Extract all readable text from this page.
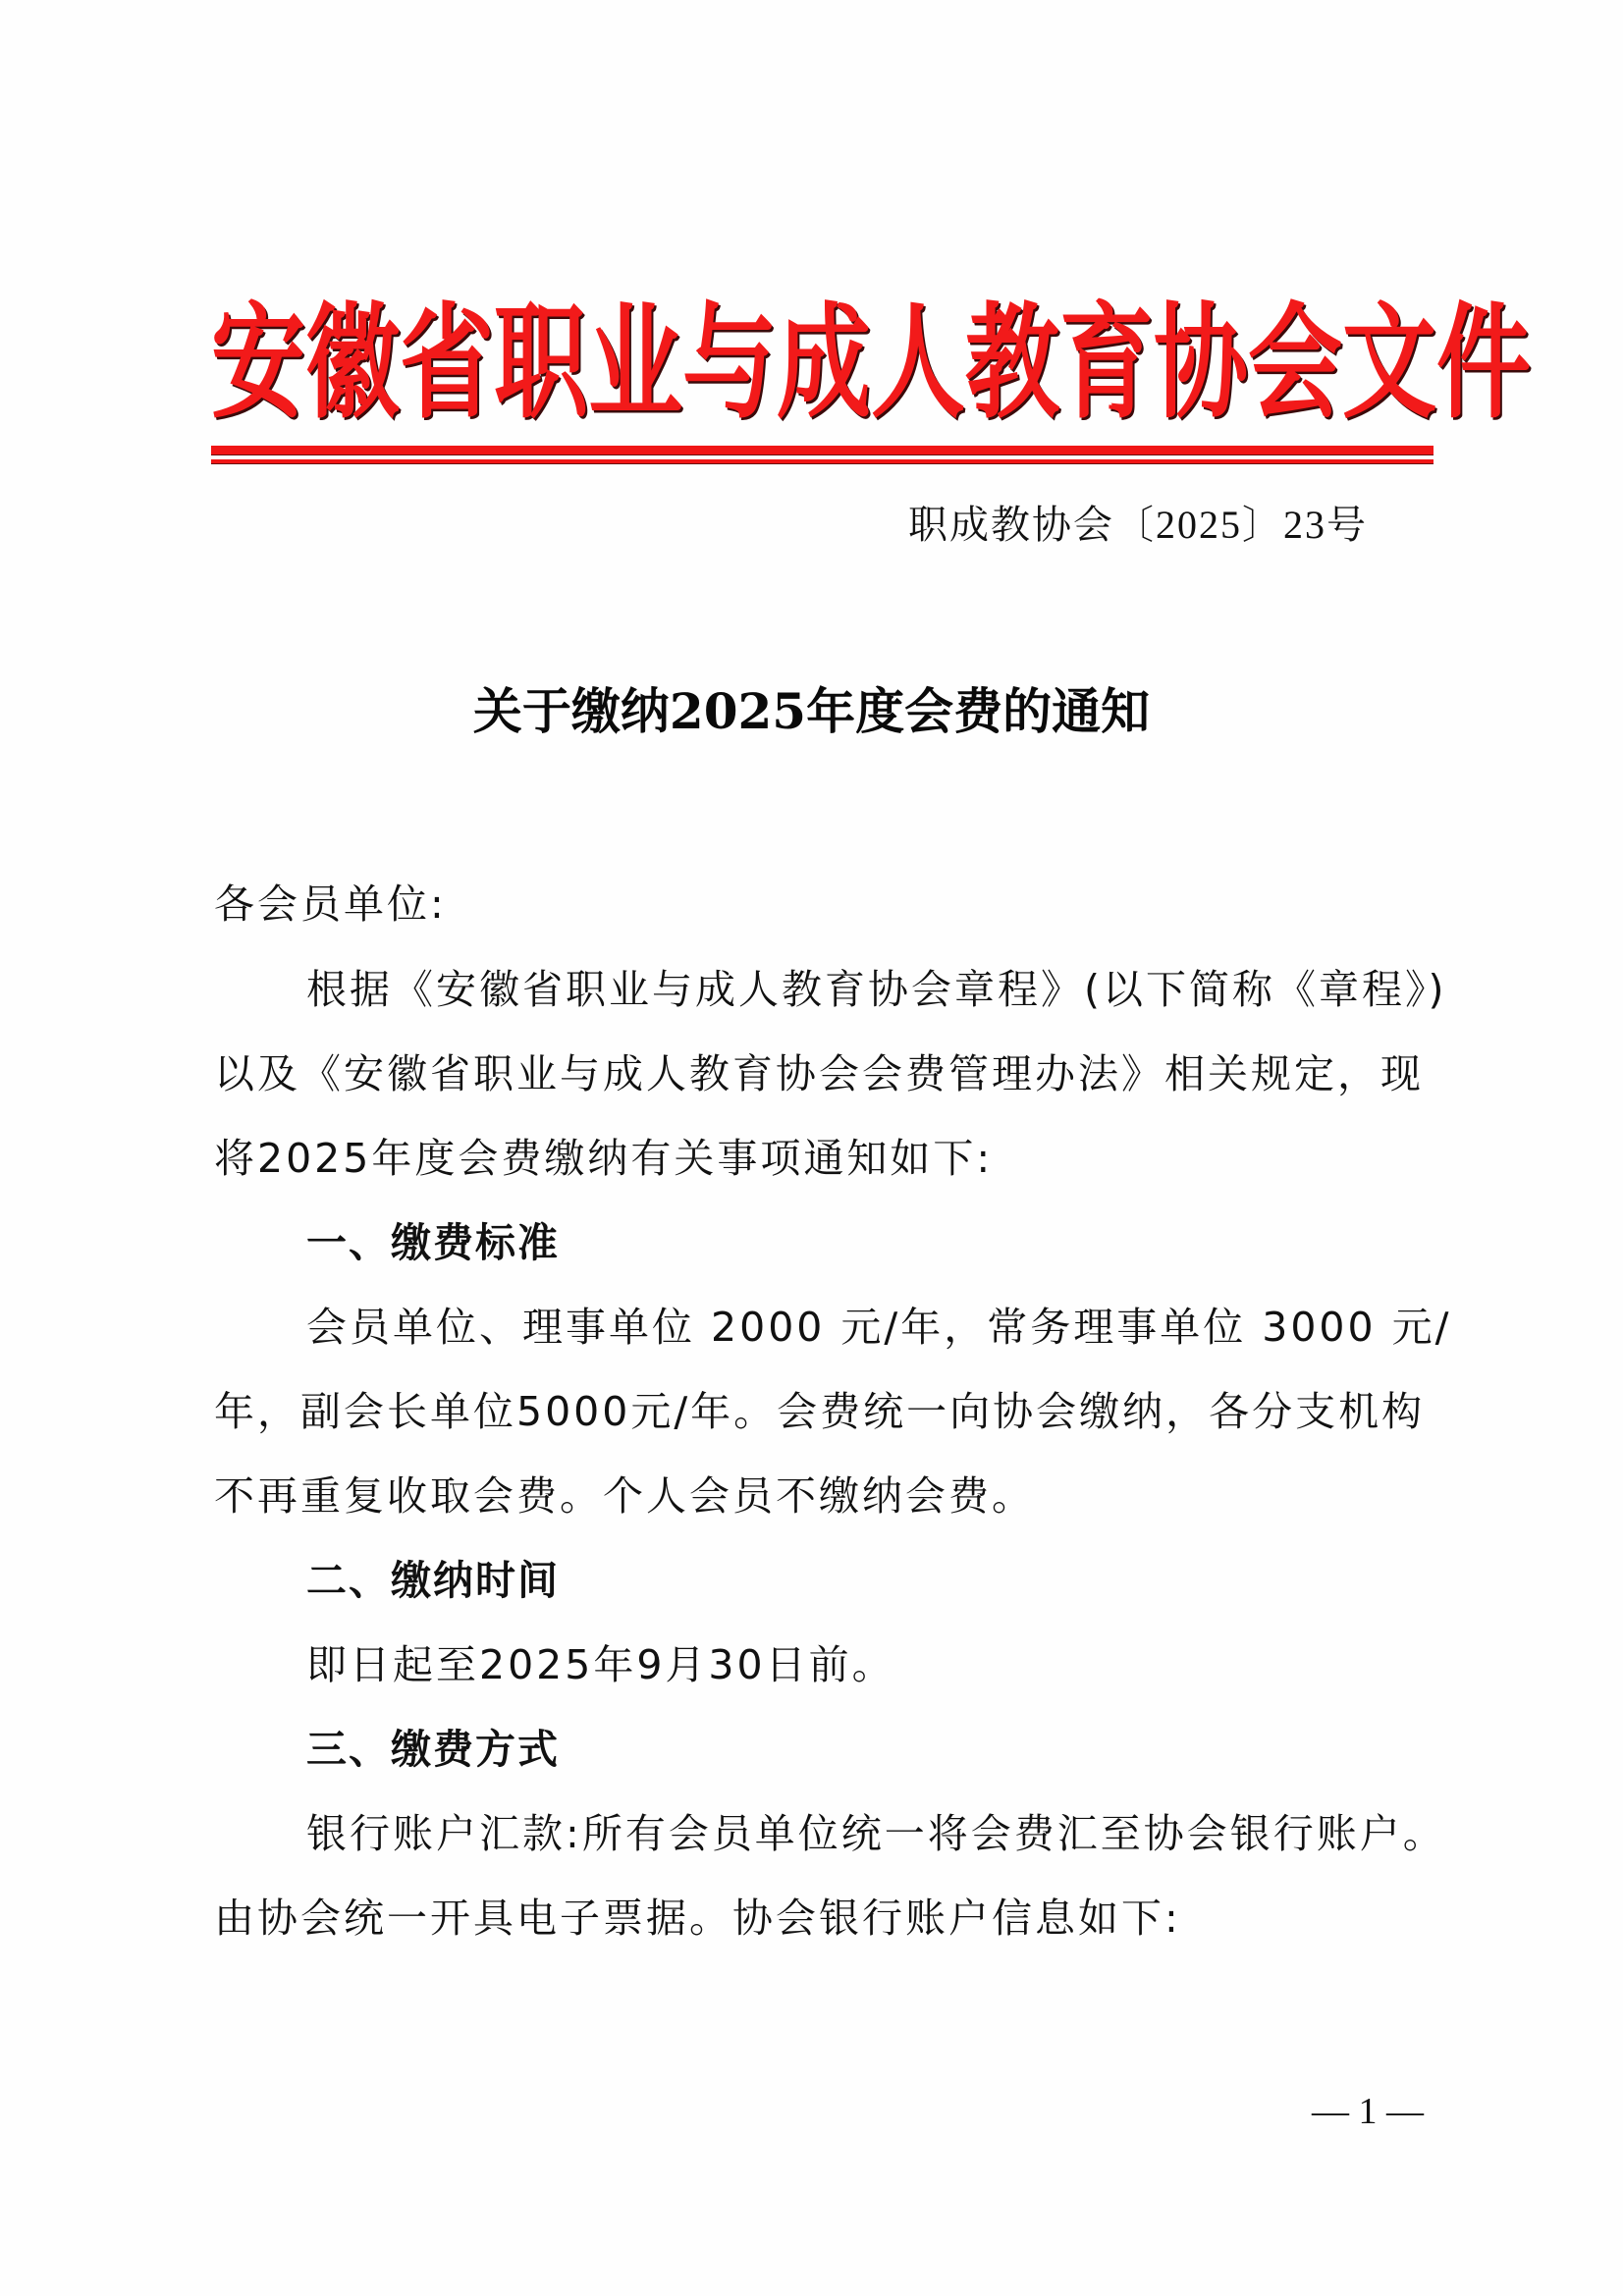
安 徽 省 职 业 与 成 人 教 育 协 会 文 件
职成教协会〔2025〕23号
关于缴纳2025年度会费的通知
各会员单位:
根据《安徽省职业与成人教育协会章程》(以下简称《章程》)
以及《安徽省职业与成人教育协会会费管理办法》相关规定，现
将2025年度会费缴纳有关事项通知如下:
一、缴费标准
会员单位、理事单位 2000 元/年，常务理事单位 3000 元/
年，副会长单位5000元/年。会费统一向协会缴纳，各分支机构
不再重复收取会费。个人会员不缴纳会费。
二、缴纳时间
即日起至2025年9月30日前。
三、缴费方式
银行账户汇款:所有会员单位统一将会费汇至协会银行账户。
由协会统一开具电子票据。协会银行账户信息如下:
— 1 —
